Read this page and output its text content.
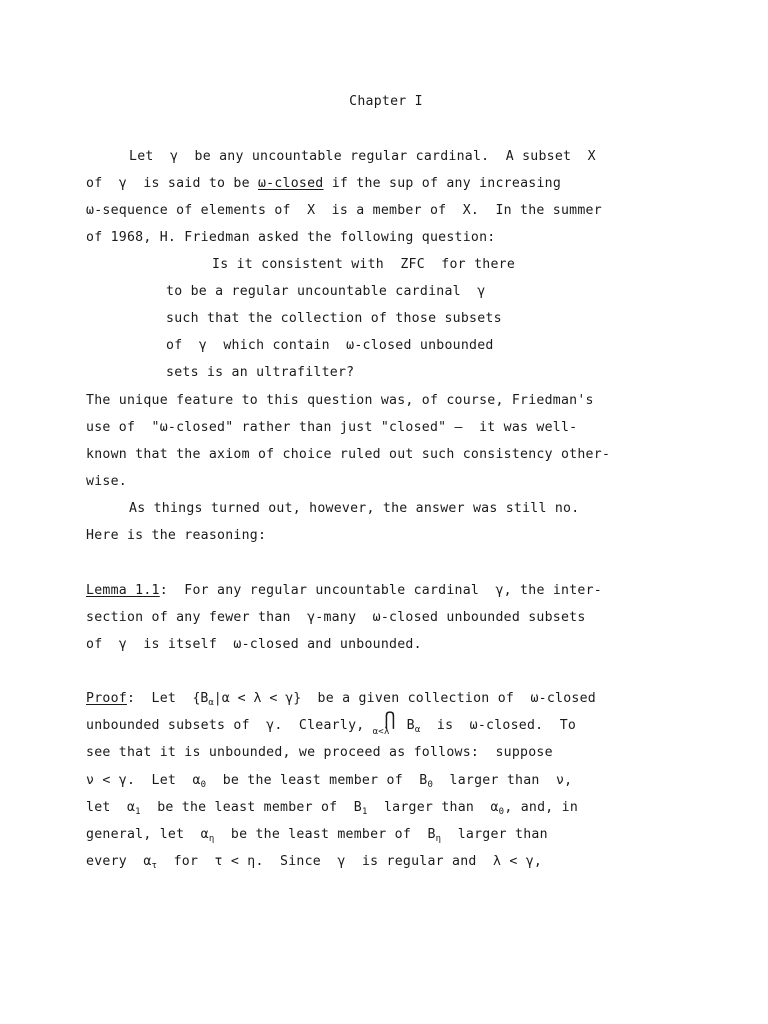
Chapter I
Let  γ  be any uncountable regular cardinal.  A subset  X
of  γ  is said to be ω-closed if the sup of any increasing
ω-sequence of elements of  X  is a member of  X.  In the summer
of 1968, H. Friedman asked the following question:
Is it consistent with  ZFC  for there
to be a regular uncountable cardinal  γ
such that the collection of those subsets
of  γ  which contain  ω-closed unbounded
sets is an ultrafilter?
The unique feature to this question was, of course, Friedman's
use of  "ω-closed" rather than just "closed" —  it was well-
known that the axiom of choice ruled out such consistency other-
wise.
As things turned out, however, the answer was still no.
Here is the reasoning:
Lemma 1.1:  For any regular uncountable cardinal  γ, the inter-
section of any fewer than  γ-many  ω-closed unbounded subsets
of  γ  is itself  ω-closed and unbounded.
Proof:  Let  $\{B_\alpha|\alpha < \lambda < \gamma\}$  be a given collection of  ω-closed
unbounded subsets of  γ.  Clearly, ⋂
α<λ $B_\alpha$  is  ω-closed.  To
see that it is unbounded, we proceed as follows:  suppose
ν < γ.  Let  $\alpha_0$  be the least member of  $B_0$  larger than  ν,
let  $\alpha_1$  be the least member of  $B_1$  larger than  $\alpha_0$, and, in
general, let  $\alpha_\eta$  be the least member of  $B_\eta$  larger than
every  $\alpha_\tau$  for  τ < η.  Since  γ  is regular and  λ < γ,
